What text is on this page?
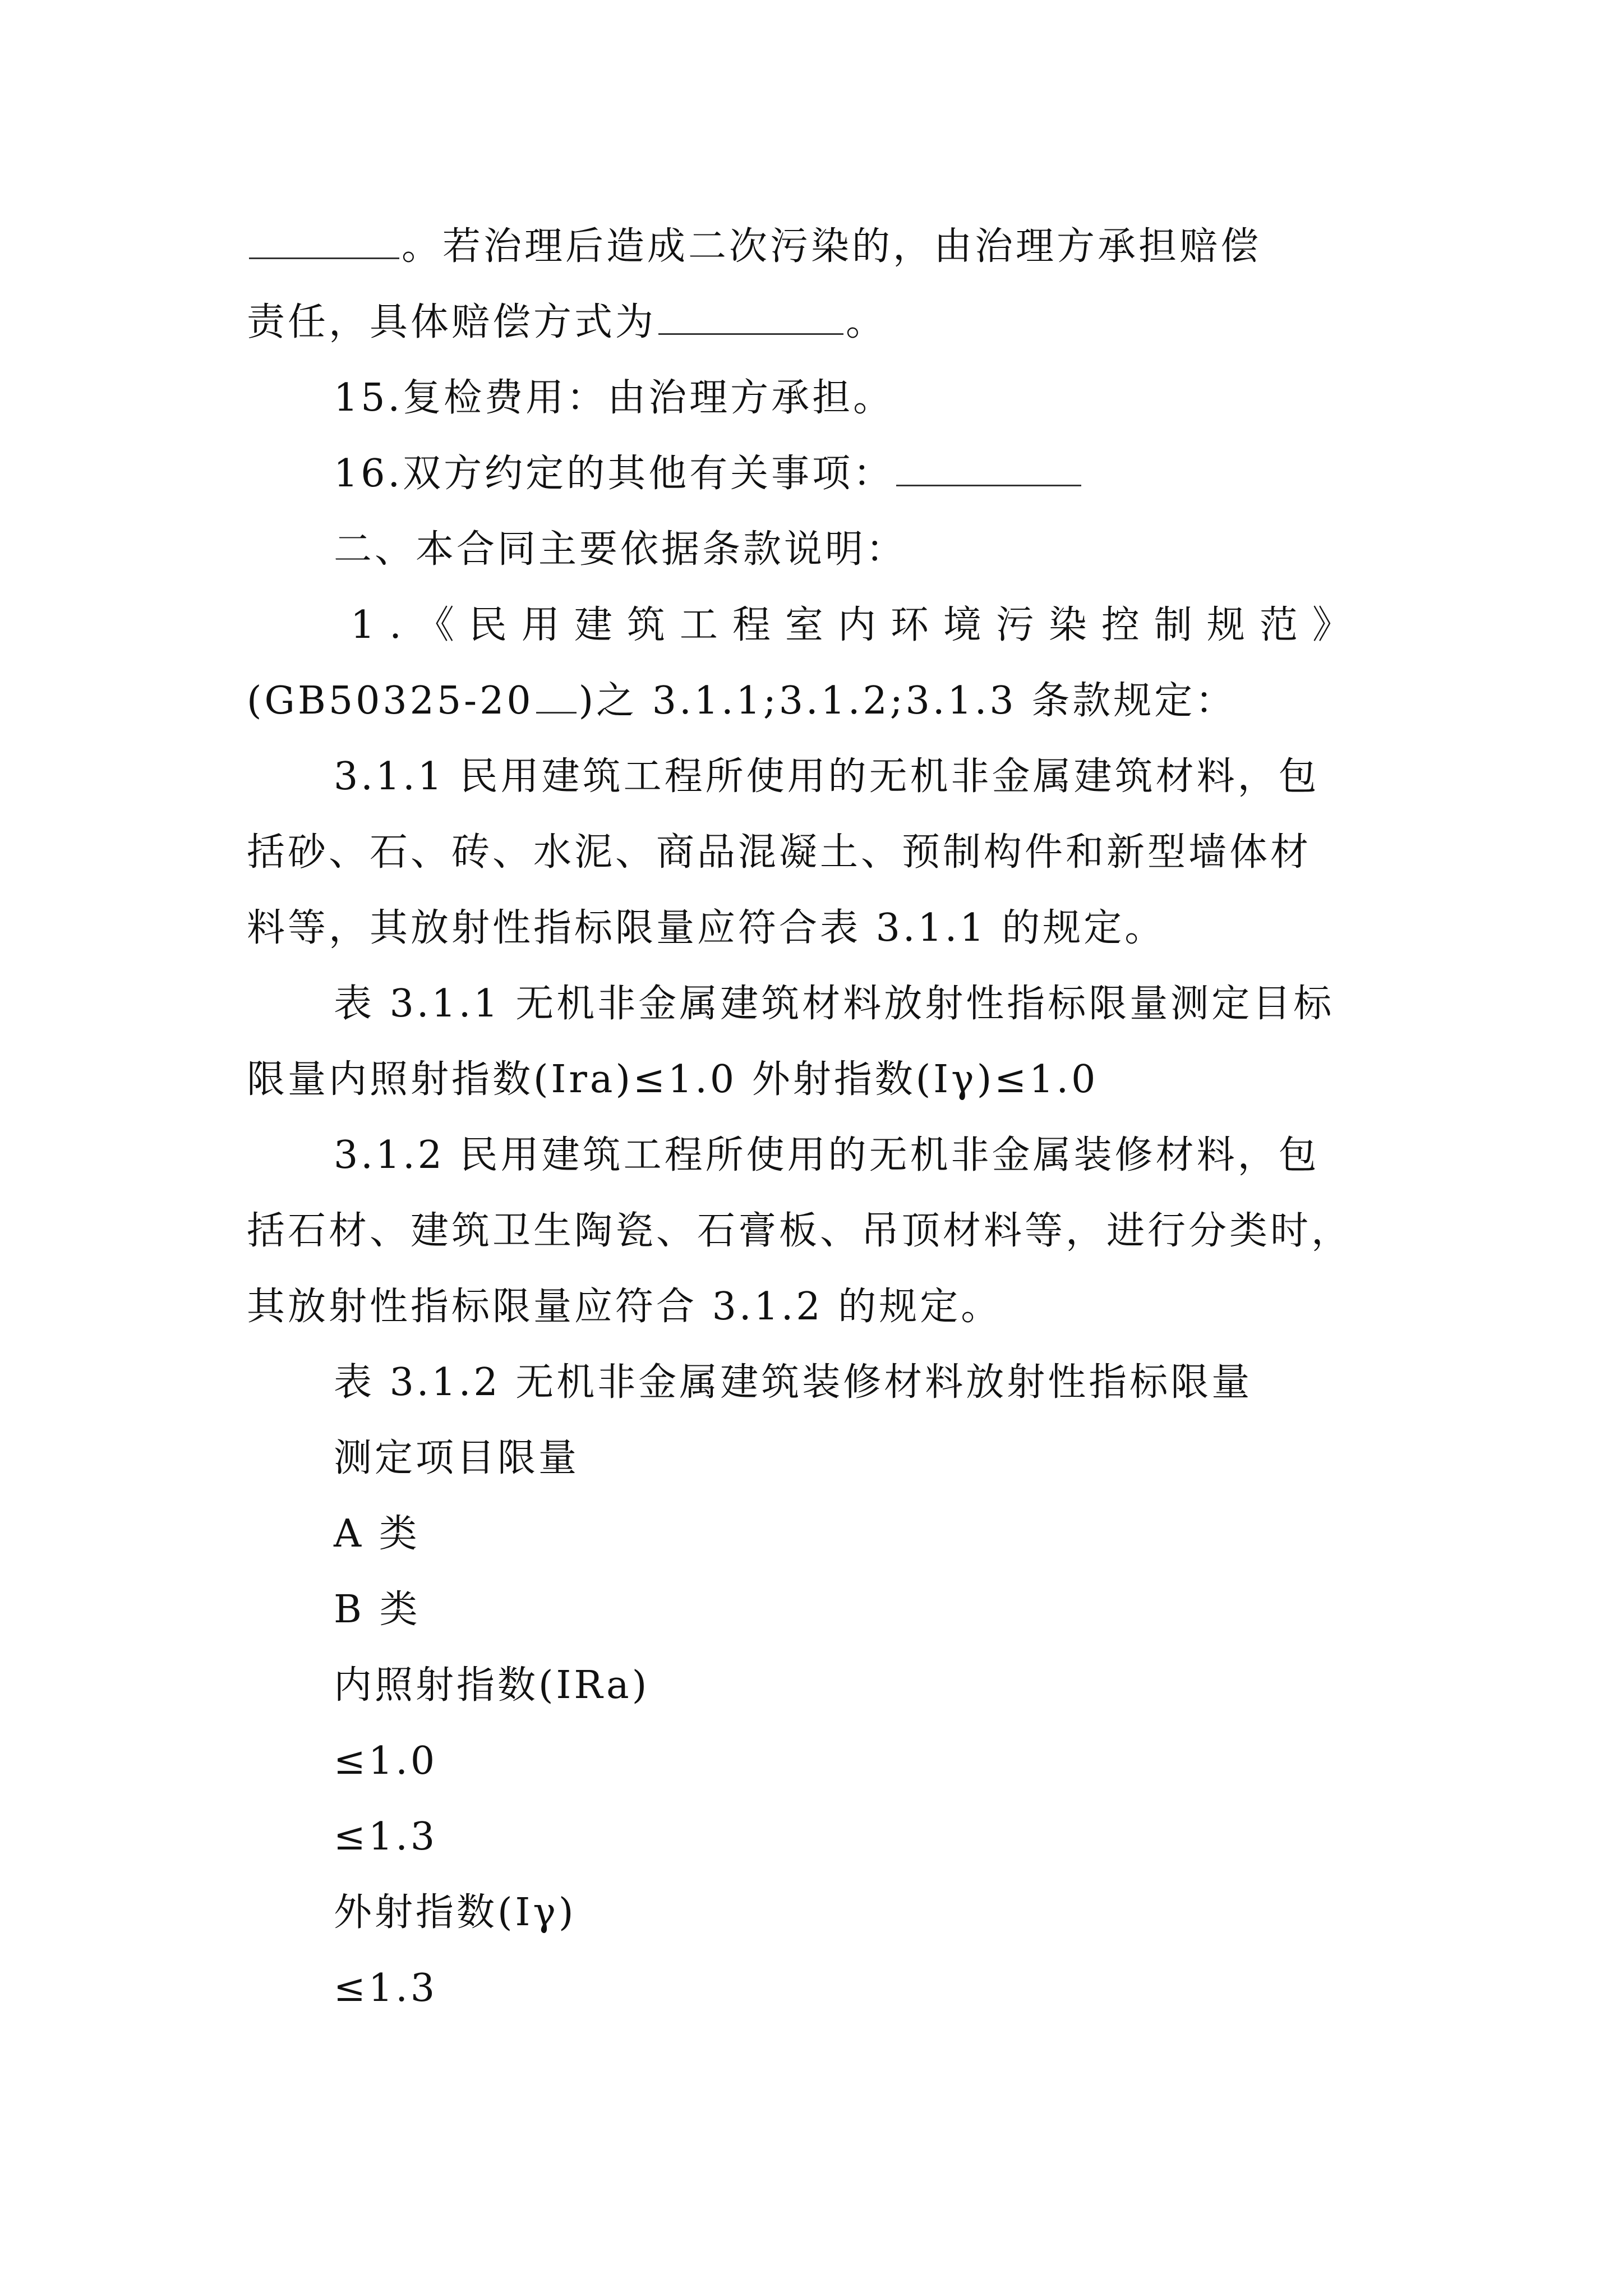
。若治理后造成二次污染的，由治理方承担赔偿
责任，具体赔偿方式为	。
15.复检费用：由治理方承担。
16.双方约定的其他有关事项：
二、本合同主要依据条款说明：
1.《民用建筑工程室内环境污染控制规范》
(GB50325-20 )之 3.1.1;3.1.2;3.1.3 条款规定：
3.1.1 民用建筑工程所使用的无机非金属建筑材料，包
括砂、石、砖、水泥、商品混凝土、预制构件和新型墙体材
料等，其放射性指标限量应符合表 3.1.1 的规定。
表 3.1.1 无机非金属建筑材料放射性指标限量测定目标
限量内照射指数(Ira)≤1.0 外射指数(Iγ)≤1.0
3.1.2 民用建筑工程所使用的无机非金属装修材料，包
括石材、建筑卫生陶瓷、石膏板、吊顶材料等，进行分类时，
其放射性指标限量应符合 3.1.2 的规定。
表 3.1.2 无机非金属建筑装修材料放射性指标限量
测定项目限量
A 类
B 类
内照射指数(IRa)
≤1.0
≤1.3
外射指数(Iγ)
≤1.3
